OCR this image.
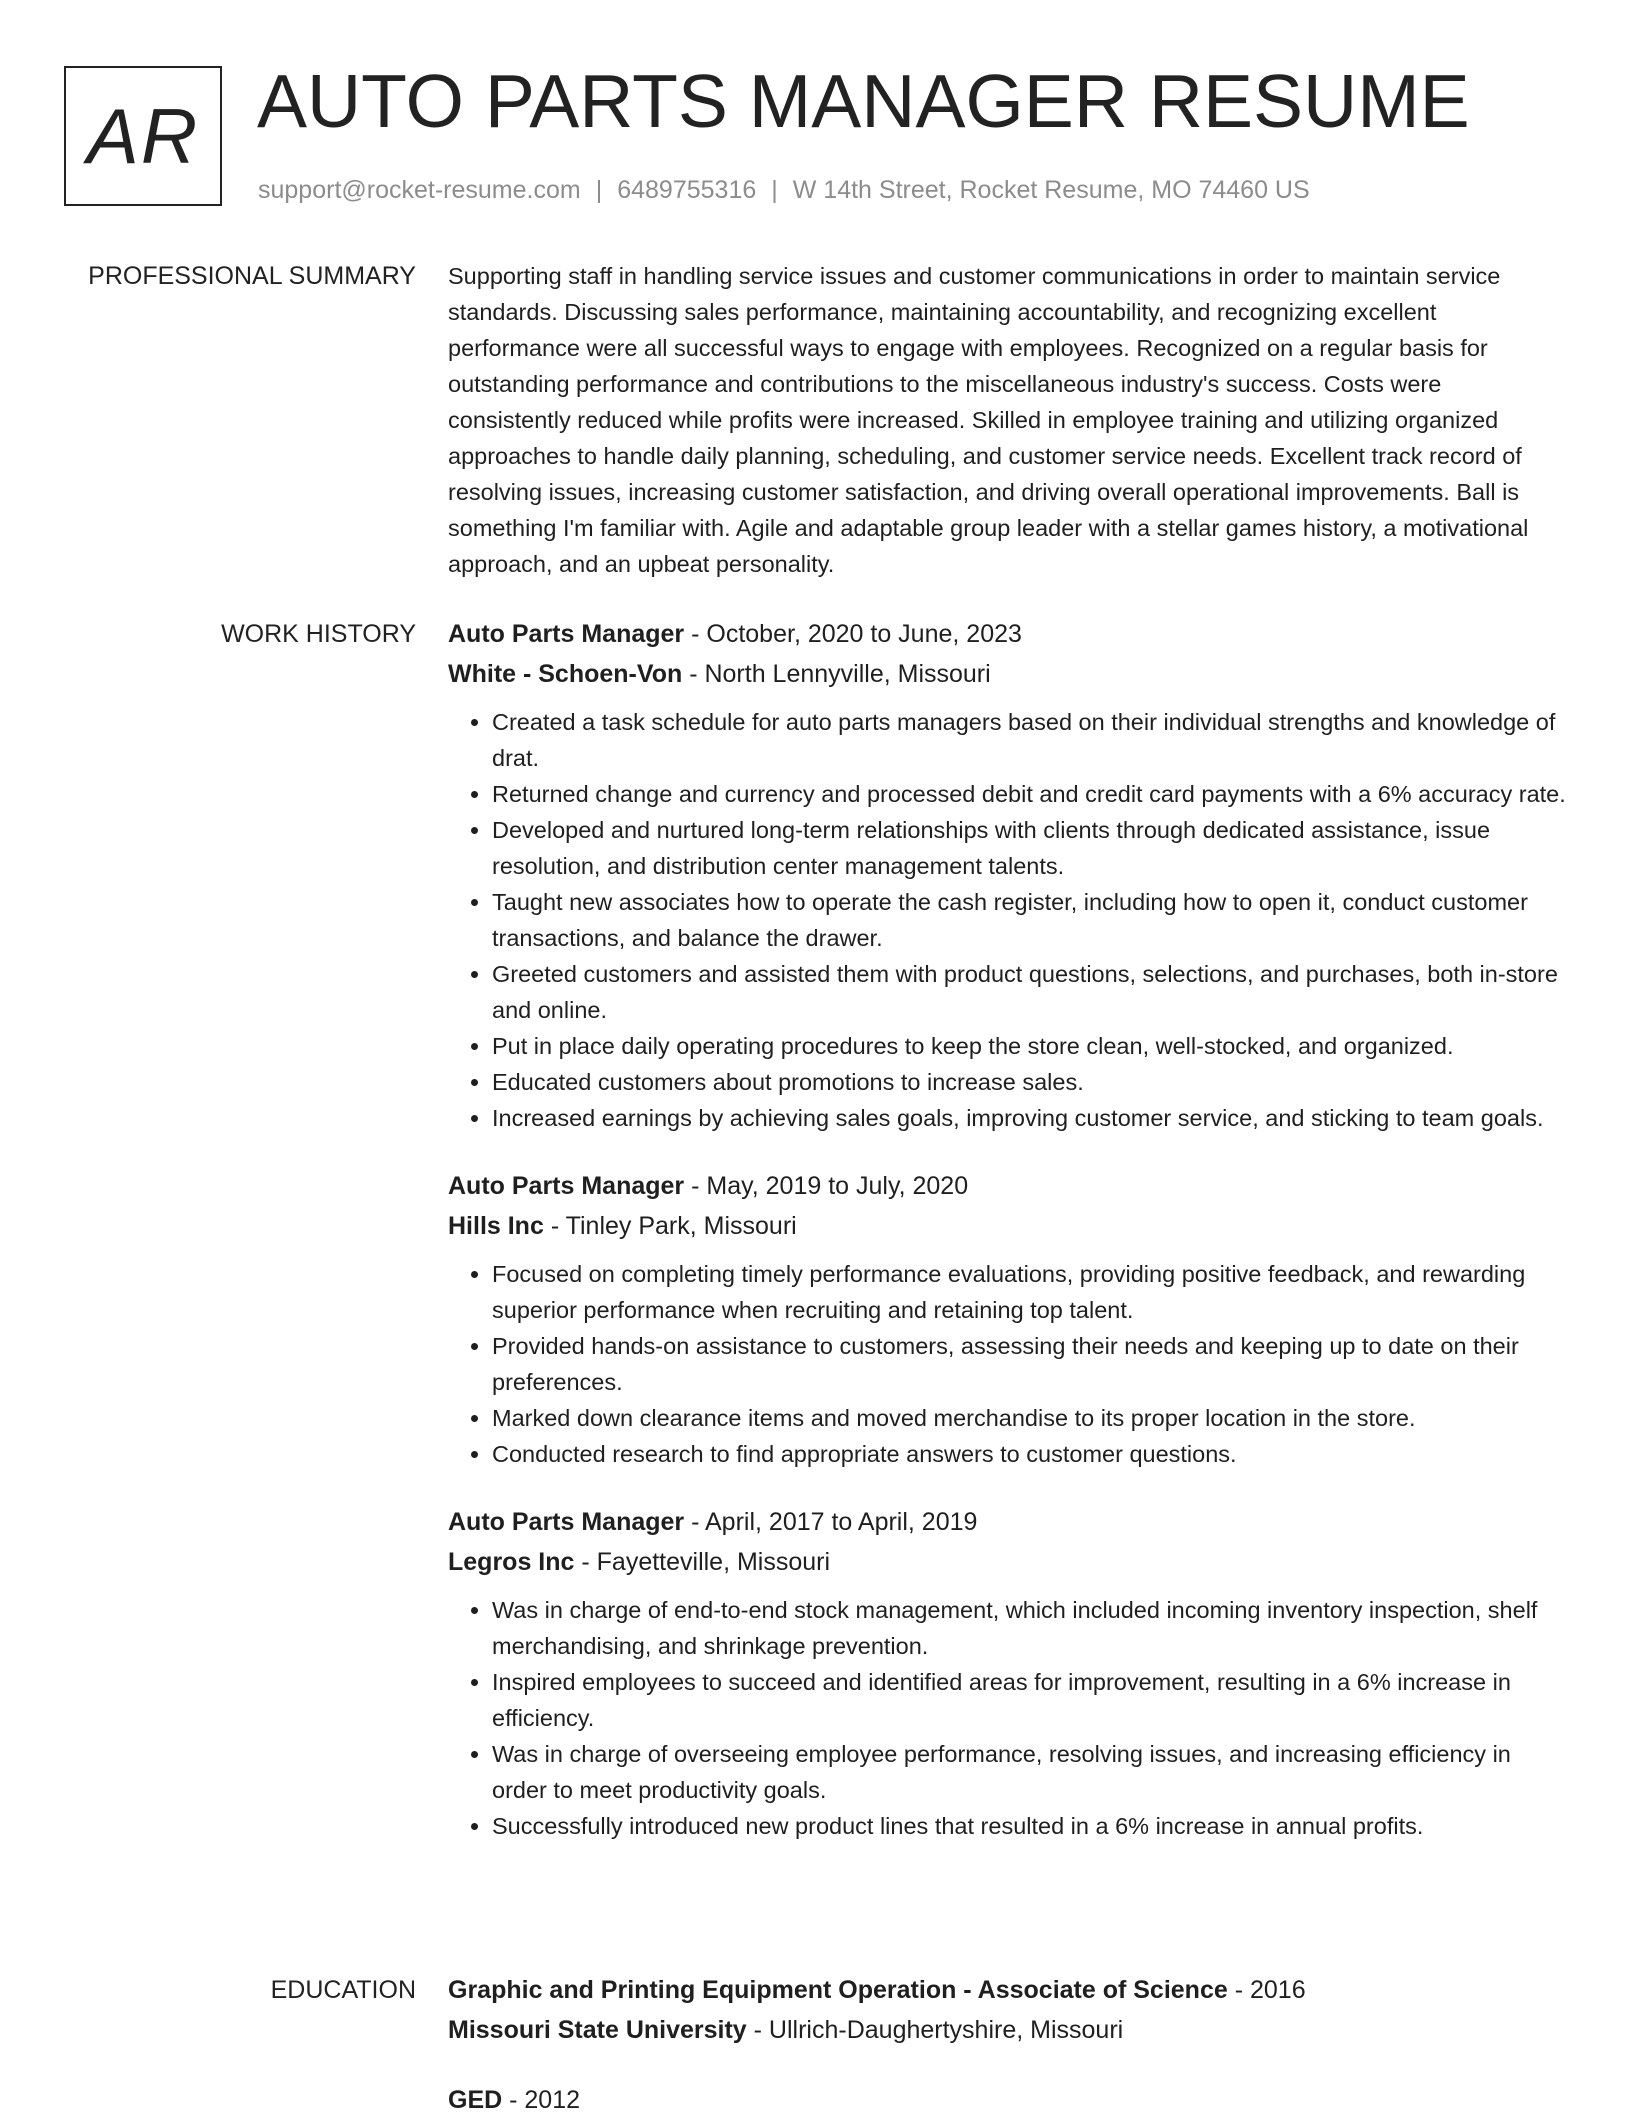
AR AUTO PARTS MANAGER RESUME
support@rocket-resume.com | 6489755316 | W 14th Street, Rocket Resume, MO 74460 US
PROFESSIONAL SUMMARY Supporting staff in handling service issues and customer communications in order to maintain service standards. Discussing sales performance, maintaining accountability, and recognizing excellent performance were all successful ways to engage with employees. Recognized on a regular basis for outstanding performance and contributions to the miscellaneous industry's success. Costs were consistently reduced while profits were increased. Skilled in employee training and utilizing organized approaches to handle daily planning, scheduling, and customer service needs. Excellent track record of resolving issues, increasing customer satisfaction, and driving overall operational improvements. Ball is something I'm familiar with. Agile and adaptable group leader with a stellar games history, a motivational approach, and an upbeat personality.

WORK HISTORY Auto Parts Manager - October, 2020 to June, 2023
White - Schoen-Von - North Lennyville, Missouri
• Created a task schedule for auto parts managers based on their individual strengths and knowledge of drat.
• Returned change and currency and processed debit and credit card payments with a 6% accuracy rate.
• Developed and nurtured long-term relationships with clients through dedicated assistance, issue resolution, and distribution center management talents.
• Taught new associates how to operate the cash register, including how to open it, conduct customer transactions, and balance the drawer.
• Greeted customers and assisted them with product questions, selections, and purchases, both in-store and online.
• Put in place daily operating procedures to keep the store clean, well-stocked, and organized.
• Educated customers about promotions to increase sales.
• Increased earnings by achieving sales goals, improving customer service, and sticking to team goals.
Auto Parts Manager - May, 2019 to July, 2020
Hills Inc - Tinley Park, Missouri
• Focused on completing timely performance evaluations, providing positive feedback, and rewarding superior performance when recruiting and retaining top talent.
• Provided hands-on assistance to customers, assessing their needs and keeping up to date on their preferences.
• Marked down clearance items and moved merchandise to its proper location in the store.
• Conducted research to find appropriate answers to customer questions.
Auto Parts Manager - April, 2017 to April, 2019
Legros Inc - Fayetteville, Missouri
• Was in charge of end-to-end stock management, which included incoming inventory inspection, shelf merchandising, and shrinkage prevention.
• Inspired employees to succeed and identified areas for improvement, resulting in a 6% increase in efficiency.
• Was in charge of overseeing employee performance, resolving issues, and increasing efficiency in order to meet productivity goals.
• Successfully introduced new product lines that resulted in a 6% increase in annual profits.
EDUCATION Graphic and Printing Equipment Operation - Associate of Science - 2016
Missouri State University - Ullrich-Daughertyshire, Missouri
GED - 2012
